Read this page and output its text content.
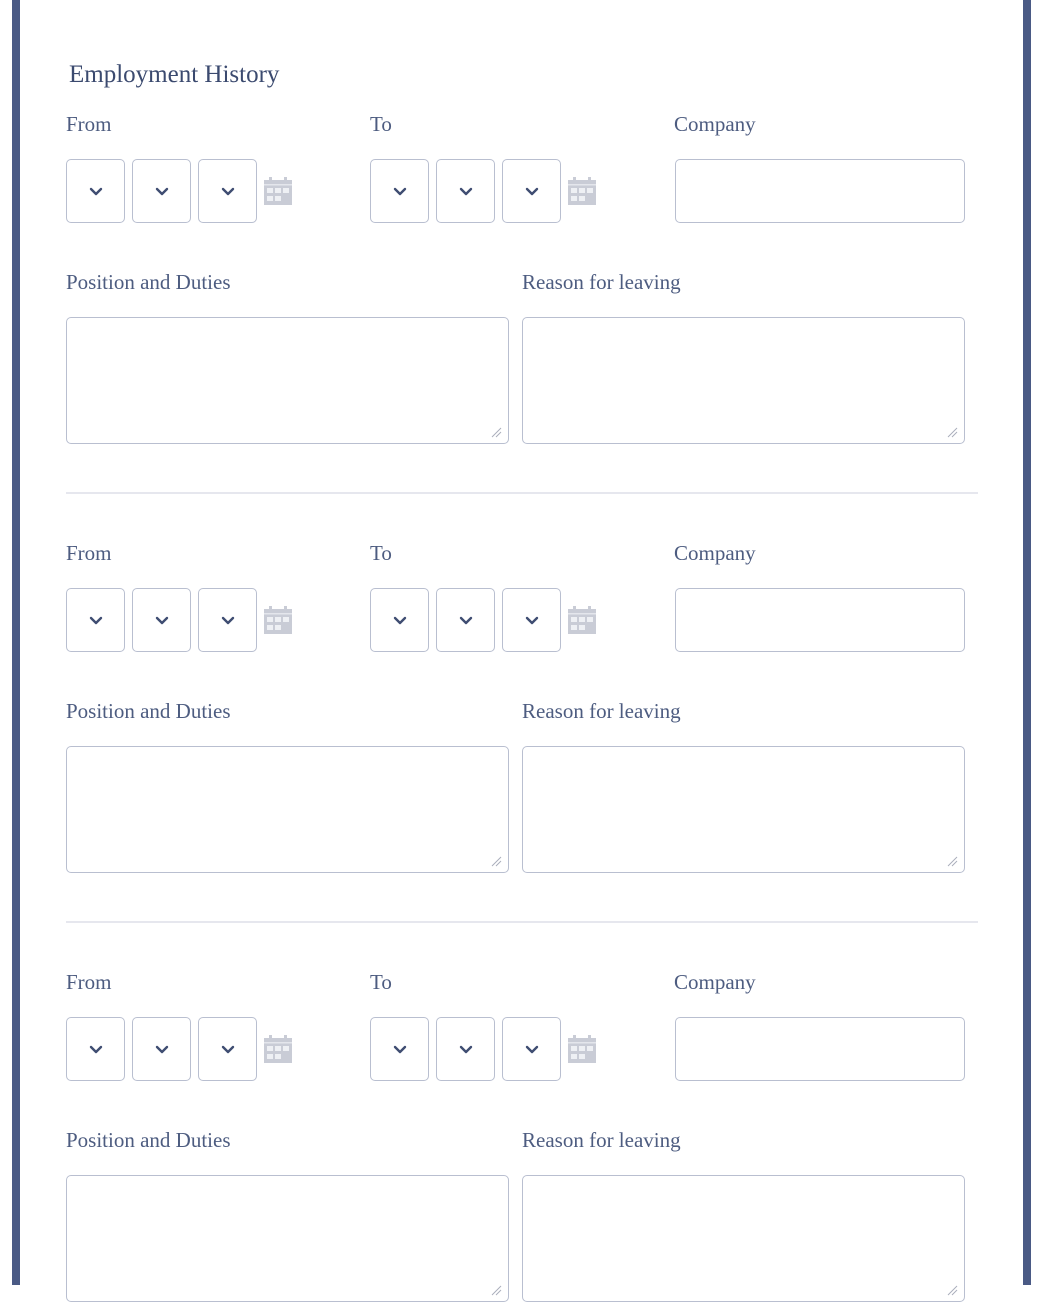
Employment History
From	To	Company
Position and Duties	Reason for leaving
From	To	Company
Position and Duties	Reason for leaving
From	To	Company
Position and Duties	Reason for leaving
